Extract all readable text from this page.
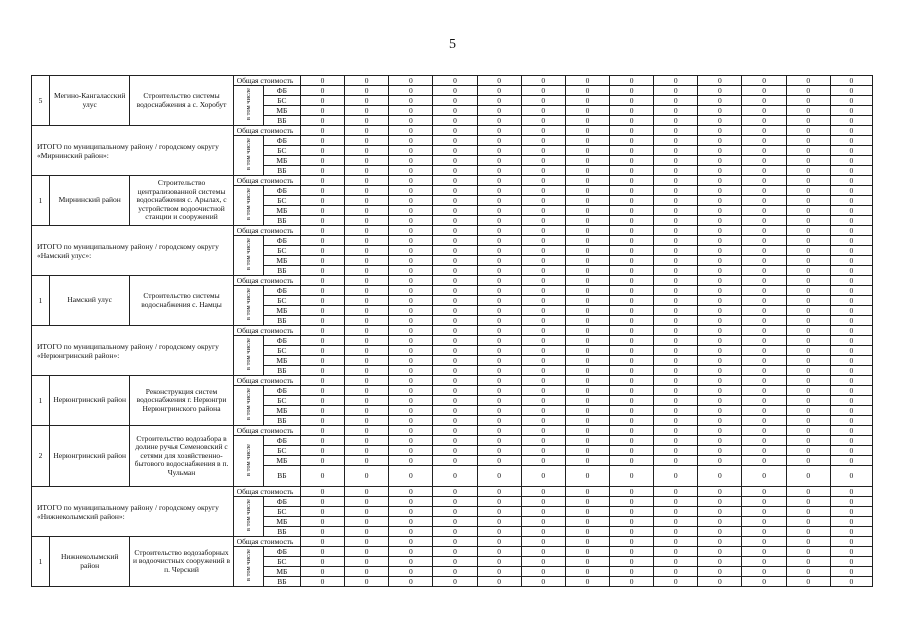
5
5	Мегино-Кангаласский улус	Строительство системы водоснабжения а с. Хоробут	Общая стоимость		0	0	0	0	0	0	0	0	0	0	0	0	0
			в том числе	ФБ	0	0	0	0	0	0	0	0	0	0	0	0	0
				БС	0	0	0	0	0	0	0	0	0	0	0	0	0
				МБ	0	0	0	0	0	0	0	0	0	0	0	0	0
				ВБ	0	0	0	0	0	0	0	0	0	0	0	0	0
ИТОГО по муниципальному району / городскому округу «Мирнинский район»:			Общая стоимость		0	0	0	0	0	0	0	0	0	0	0	0	0
			в том числе	ФБ	0	0	0	0	0	0	0	0	0	0	0	0	0
				БС	0	0	0	0	0	0	0	0	0	0	0	0	0
				МБ	0	0	0	0	0	0	0	0	0	0	0	0	0
				ВБ	0	0	0	0	0	0	0	0	0	0	0	0	0
1	Мирнинский район	Строительство централизованной системы водоснабжения с. Арылах, с устройством водоочистной станции и сооружений	Общая стоимость		0	0	0	0	0	0	0	0	0	0	0	0	0
			в том числе	ФБ	0	0	0	0	0	0	0	0	0	0	0	0	0
				БС	0	0	0	0	0	0	0	0	0	0	0	0	0
				МБ	0	0	0	0	0	0	0	0	0	0	0	0	0
				ВБ	0	0	0	0	0	0	0	0	0	0	0	0	0
ИТОГО по муниципальному району / городскому округу «Намский улус»:			Общая стоимость		0	0	0	0	0	0	0	0	0	0	0	0	0
			в том числе	ФБ	0	0	0	0	0	0	0	0	0	0	0	0	0
				БС	0	0	0	0	0	0	0	0	0	0	0	0	0
				МБ	0	0	0	0	0	0	0	0	0	0	0	0	0
				ВБ	0	0	0	0	0	0	0	0	0	0	0	0	0
1	Намский улус	Строительство системы водоснабжения с. Намцы	Общая стоимость		0	0	0	0	0	0	0	0	0	0	0	0	0
			в том числе	ФБ	0	0	0	0	0	0	0	0	0	0	0	0	0
				БС	0	0	0	0	0	0	0	0	0	0	0	0	0
				МБ	0	0	0	0	0	0	0	0	0	0	0	0	0
				ВБ	0	0	0	0	0	0	0	0	0	0	0	0	0
ИТОГО по муниципальному району / городскому округу «Нерюнгринский район»:			Общая стоимость		0	0	0	0	0	0	0	0	0	0	0	0	0
			в том числе	ФБ	0	0	0	0	0	0	0	0	0	0	0	0	0
				БС	0	0	0	0	0	0	0	0	0	0	0	0	0
				МБ	0	0	0	0	0	0	0	0	0	0	0	0	0
				ВБ	0	0	0	0	0	0	0	0	0	0	0	0	0
1	Нерюнгринский район	Реконструкция систем водоснабжения г. Нерюнгри Нерюнгринского района	Общая стоимость		0	0	0	0	0	0	0	0	0	0	0	0	0
			в том числе	ФБ	0	0	0	0	0	0	0	0	0	0	0	0	0
				БС	0	0	0	0	0	0	0	0	0	0	0	0	0
				МБ	0	0	0	0	0	0	0	0	0	0	0	0	0
				ВБ	0	0	0	0	0	0	0	0	0	0	0	0	0
2	Нерюнгринский район	Строительство водозабора в долине ручья Семеновский с сетями для хозяйственно-бытового водоснабжения в п. Чульман	Общая стоимость		0	0	0	0	0	0	0	0	0	0	0	0	0
			в том числе	ФБ	0	0	0	0	0	0	0	0	0	0	0	0	0
				БС	0	0	0	0	0	0	0	0	0	0	0	0	0
				МБ	0	0	0	0	0	0	0	0	0	0	0	0	0
				ВБ	0	0	0	0	0	0	0	0	0	0	0	0	0
ИТОГО по муниципальному району / городскому округу «Нижнеколымский район»:			Общая стоимость		0	0	0	0	0	0	0	0	0	0	0	0	0
			в том числе	ФБ	0	0	0	0	0	0	0	0	0	0	0	0	0
				БС	0	0	0	0	0	0	0	0	0	0	0	0	0
				МБ	0	0	0	0	0	0	0	0	0	0	0	0	0
				ВБ	0	0	0	0	0	0	0	0	0	0	0	0	0
1	Нижнеколымский район	Строительство водозаборных и водоочистных сооружений в п. Черский	Общая стоимость		0	0	0	0	0	0	0	0	0	0	0	0	0
			в том числе	ФБ	0	0	0	0	0	0	0	0	0	0	0	0	0
				БС	0	0	0	0	0	0	0	0	0	0	0	0	0
				МБ	0	0	0	0	0	0	0	0	0	0	0	0	0
				ВБ	0	0	0	0	0	0	0	0	0	0	0	0	0
